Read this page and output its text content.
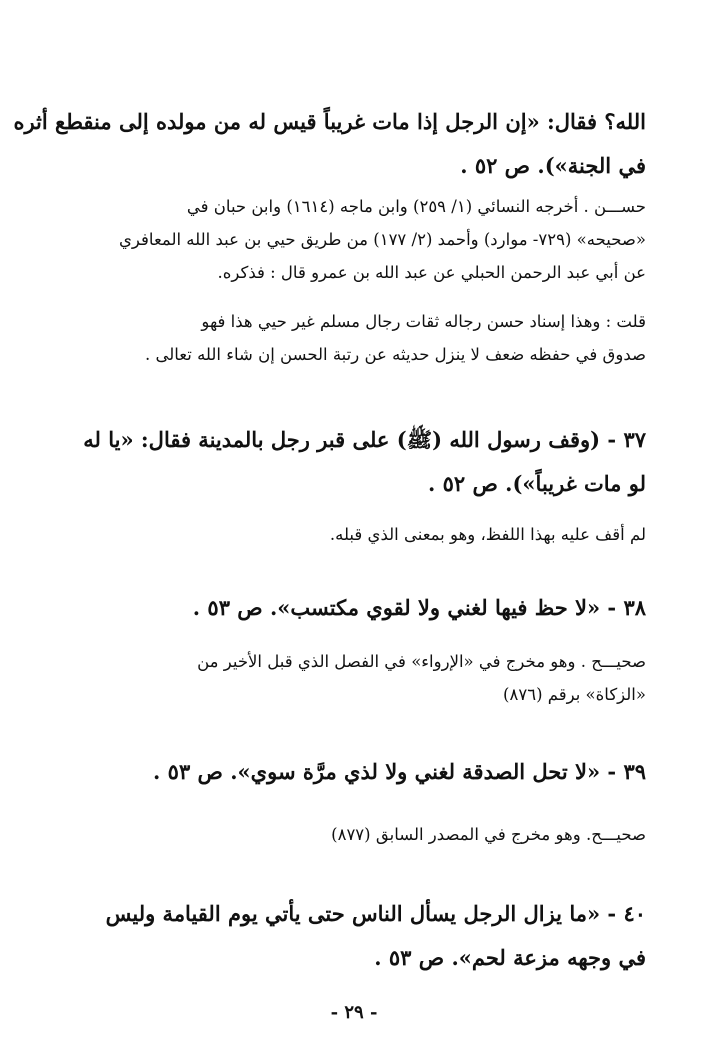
الله؟ فقال: «إن الرجل إذا مات غريباً قيس له من مولده إلى منقطع أثره
في الجنة»). ص ٥٢ .
حســـن . أخرجه النسائي (١/ ٢٥٩) وابن ماجه (١٦١٤) وابن حبان في
«صحيحه» (٧٢٩- موارد) وأحمد (٢/ ١٧٧) من طريق حيي بن عبد الله المعافري
عن أبي عبد الرحمن الحبلي عن عبد الله بن عمرو قال : فذكره.
قلت : وهذا إسناد حسن رجاله ثقات رجال مسلم غير حيي هذا فهو
صدوق في حفظه ضعف لا ينزل حديثه عن رتبة الحسن إن شاء الله تعالى .
٣٧ - (وقف رسول الله (ﷺ) على قبر رجل بالمدينة فقال: «يا له
لو مات غريباً»). ص ٥٢ .
لم أقف عليه بهذا اللفظ، وهو بمعنى الذي قبله.
٣٨ - «لا حظ فيها لغني ولا لقوي مكتسب». ص ٥٣ .
صحيـــح . وهو مخرج في «الإرواء» في الفصل الذي قبل الأخير من
«الزكاة» برقم (٨٧٦)
٣٩ - «لا تحل الصدقة لغني ولا لذي مرَّة سوي». ص ٥٣ .
صحيـــح. وهو مخرج في المصدر السابق (٨٧٧)
٤٠ - «ما يزال الرجل يسأل الناس حتى يأتي يوم القيامة وليس
في وجهه مزعة لحم». ص ٥٣ .
- ٢٩ -
